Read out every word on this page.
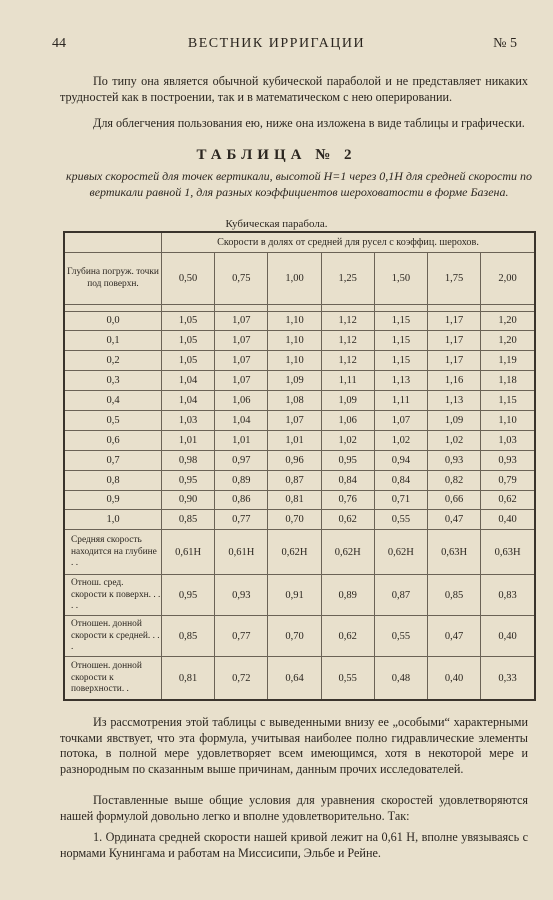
44	ВЕСТНИК ИРРИГАЦИИ	№ 5
По типу она является обычной кубической параболой и не представляет никаких трудностей как в построении, так и в математическом с нею оперировании.
Для облегчения пользования ею, ниже она изложена в виде таблицы и графически.
ТАБЛИЦА № 2
кривых скоростей для точек вертикали, высотой H=1 через 0,1H для средней скорости по вертикали равной 1, для разных коэффициентов шероховатости в форме Базена.
Кубическая парабола.
	Скорости в долях от средней для русел с коэффиц. шерохов.						
Глубина погруж. точки под поверхн.	0,50	0,75	1,00	1,25	1,50	1,75	2,00

0,0	1,05	1,07	1,10	1,12	1,15	1,17	1,20
0,1	1,05	1,07	1,10	1,12	1,15	1,17	1,20
0,2	1,05	1,07	1,10	1,12	1,15	1,17	1,19
0,3	1,04	1,07	1,09	1,11	1,13	1,16	1,18
0,4	1,04	1,06	1,08	1,09	1,11	1,13	1,15
0,5	1,03	1,04	1,07	1,06	1,07	1,09	1,10
0,6	1,01	1,01	1,01	1,02	1,02	1,02	1,03
0,7	0,98	0,97	0,96	0,95	0,94	0,93	0,93
0,8	0,95	0,89	0,87	0,84	0,84	0,82	0,79
0,9	0,90	0,86	0,81	0,76	0,71	0,66	0,62
1,0	0,85	0,77	0,70	0,62	0,55	0,47	0,40
Средняя скорость находится на глубине . .	0,61H	0,61H	0,62H	0,62H	0,62H	0,63H	0,63H
Отнош. сред. скорости к поверхн. . . . .	0,95	0,93	0,91	0,89	0,87	0,85	0,83
Отношен. донной скорости к средней. . . .	0,85	0,77	0,70	0,62	0,55	0,47	0,40
Отношен. донной скорости к поверхности. .	0,81	0,72	0,64	0,55	0,48	0,40	0,33
Из рассмотрения этой таблицы с выведенными внизу ее „особыми“ характерными точками явствует, что эта формула, учитывая наиболее полно гидравлические элементы потока, в полной мере удовлетворяет всем имеющимся, хотя в некоторой мере и разнородным по сказанным выше причинам, данным прочих исследователей.
Поставленные выше общие условия для уравнения скоростей удовлетворяются нашей формулой довольно легко и вполне удовлетворительно. Так:
1. Ордината средней скорости нашей кривой лежит на 0,61 H, вполне увязываясь с нормами Кунингама и работам на Миссисипи, Эльбе и Рейне.
